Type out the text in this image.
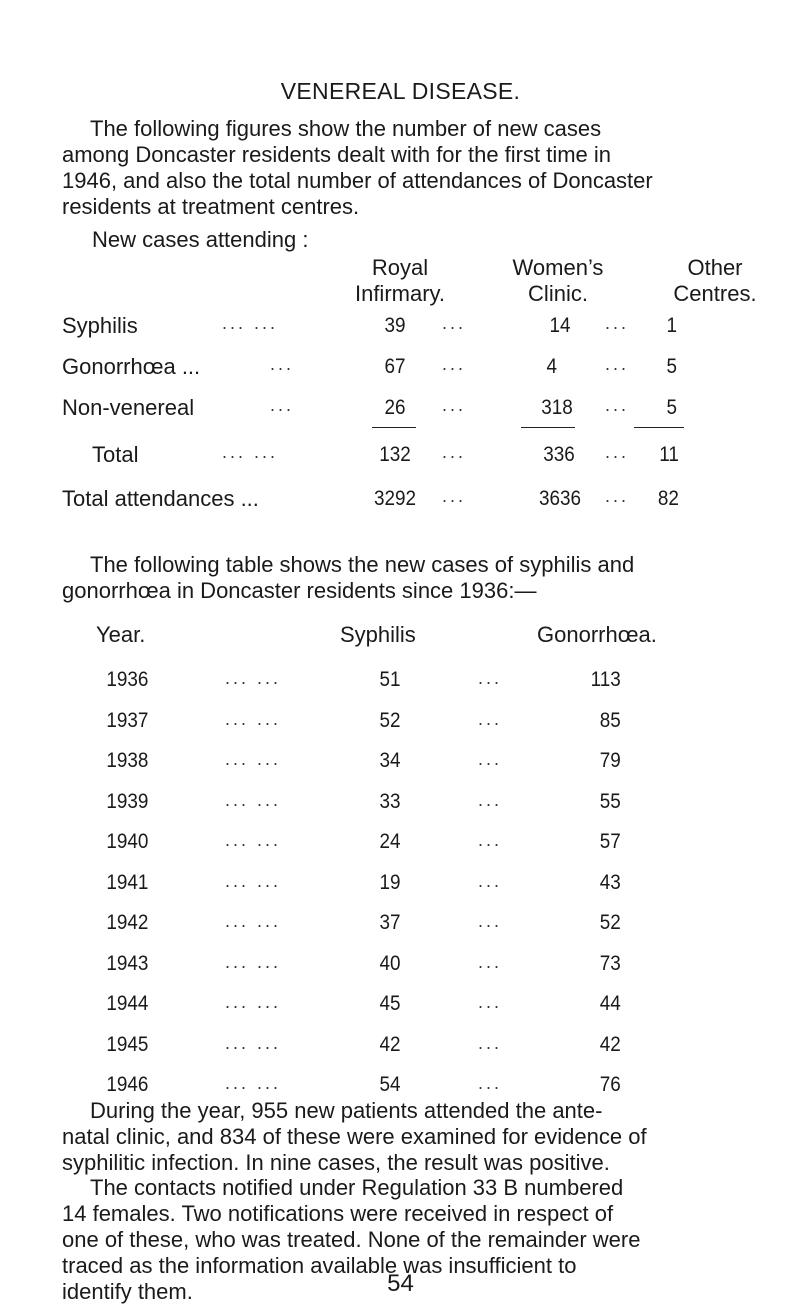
VENEREAL DISEASE.
The following figures show the number of new cases
among Doncaster residents dealt with for the first time in
1946, and also the total number of attendances of Doncaster
residents at treatment centres.
New cases attending :
Royal
Infirmary.
Women’s
Clinic.
Other
Centres.
Syphilis	... ...	39	...	14	...	1
Gonorrhœa ...	...	67	...	4	...	5
Non-venereal	...	26	...	318	...	5
Total	... ...	132	...	336	...	11
Total attendances ...	3292	...	3636	...	82
The following table shows the new cases of syphilis and
gonorrhœa in Doncaster residents since 1936:—
Year.	Syphilis	Gonorrhœa.
1936	... ...	51	...	113
1937	... ...	52	...	85
1938	... ...	34	...	79
1939	... ...	33	...	55
1940	... ...	24	...	57
1941	... ...	19	...	43
1942	... ...	37	...	52
1943	... ...	40	...	73
1944	... ...	45	...	44
1945	... ...	42	...	42
1946	... ...	54	...	76
During the year, 955 new patients attended the ante-
natal clinic, and 834 of these were examined for evidence of
syphilitic infection. In nine cases, the result was positive.
The contacts notified under Regulation 33 B numbered
14 females. Two notifications were received in respect of
one of these, who was treated. None of the remainder were
traced as the information available was insufficient to
identify them.	54
